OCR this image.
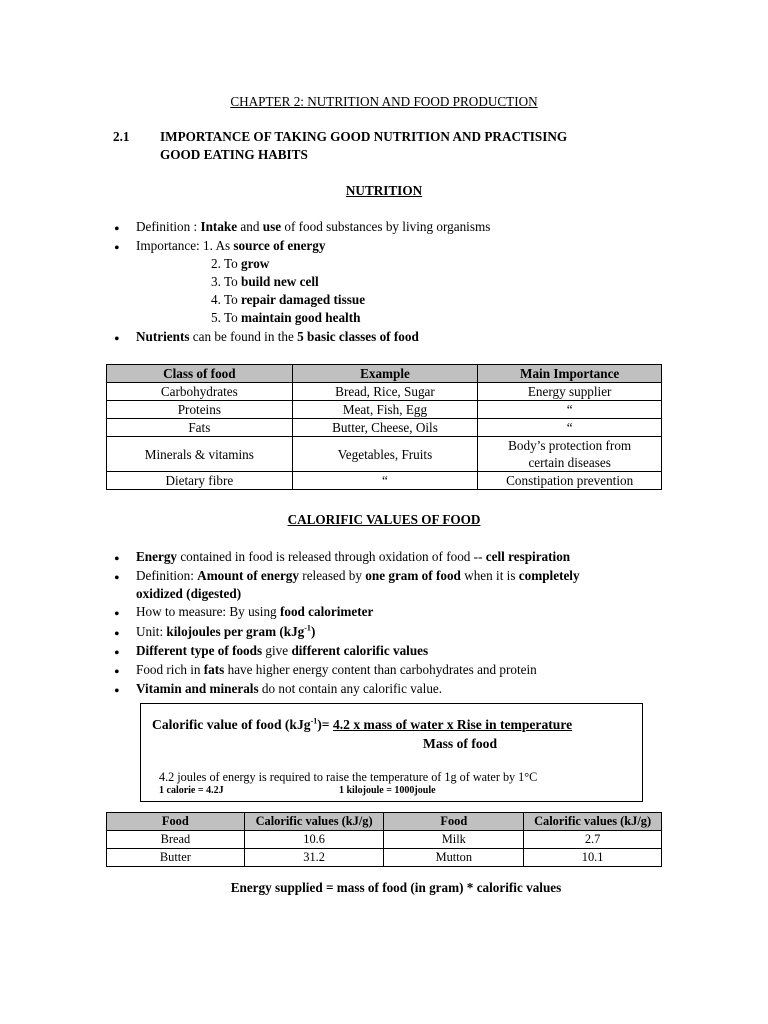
CHAPTER 2: NUTRITION AND FOOD PRODUCTION
2.1 IMPORTANCE OF TAKING GOOD NUTRITION AND PRACTISING
GOOD EATING HABITS
NUTRITION
•
Definition : Intake and use of food substances by living organisms
•
Importance: 1. As source of energy
2. To grow
3. To build new cell
4. To repair damaged tissue
5. To maintain good health
•
Nutrients can be found in the 5 basic classes of food
Class of food	Example	Main Importance
Carbohydrates	Bread, Rice, Sugar	Energy supplier
Proteins	Meat, Fish, Egg	“
Fats	Butter, Cheese, Oils	“
Minerals & vitamins	Vegetables, Fruits	Body’s protection from certain diseases
Dietary fibre	“	Constipation prevention
CALORIFIC VALUES OF FOOD
•
Energy contained in food is released through oxidation of food -- cell respiration
•
Definition: Amount of energy released by one gram of food when it is completely
oxidized (digested)
•
How to measure: By using food calorimeter
•
Unit: kilojoules per gram (kJg$^{-1}$)
•
Different type of foods give different calorific values
•
Food rich in fats have higher energy content than carbohydrates and protein
•
Vitamin and minerals do not contain any calorific value.
Calorific value of food (kJg$^{-1}$)= 4.2 x mass of water x Rise in temperature
Mass of food
4.2 joules of energy is required to raise the temperature of 1g of water by 1°C
1 calorie = 4.2J	1 kilojoule = 1000joule
Food	Calorific values (kJ/g)	Food	Calorific values (kJ/g)
Bread	10.6	Milk	2.7
Butter	31.2	Mutton	10.1
Energy supplied = mass of food (in gram) * calorific values
